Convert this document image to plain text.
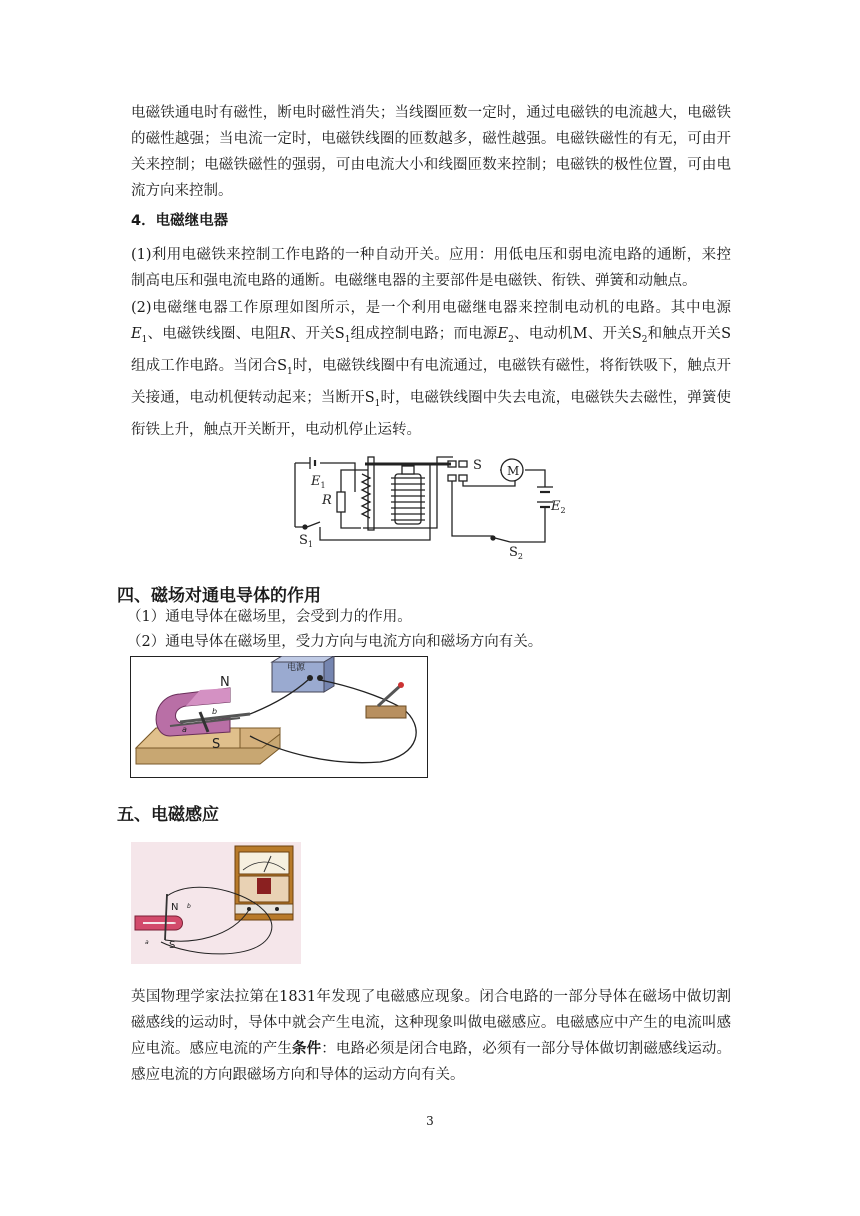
电磁铁通电时有磁性，断电时磁性消失；当线圈匝数一定时，通过电磁铁的电流越大，电磁铁的磁性越强；当电流一定时，电磁铁线圈的匝数越多，磁性越强。电磁铁磁性的有无，可由开关来控制；电磁铁磁性的强弱，可由电流大小和线圈匝数来控制；电磁铁的极性位置，可由电流方向来控制。

4．电磁继电器

(1)利用电磁铁来控制工作电路的一种自动开关。应用：用低电压和弱电流电路的通断，来控制高电压和强电流电路的通断。电磁继电器的主要部件是电磁铁、衔铁、弹簧和动触点。

(2)电磁继电器工作原理如图所示，是一个利用电磁继电器来控制电动机的电路。其中电源$E_1$、电磁铁线圈、电阻R、开关$S_1$组成控制电路；而电源$E_2$、电动机M、开关$S_2$和触点开关S组成工作电路。当闭合$S_1$时，电磁铁线圈中有电流通过，电磁铁有磁性，将衔铁吸下，触点开关接通，电动机便转动起来；当断开$S_1$时，电磁铁线圈中失去电流，电磁铁失去磁性，弹簧使衔铁上升，触点开关断开，电动机停止运转。

$E_1$
R
$S_1$
S M
$E_2$
$S_2$
四、磁场对通电导体的作用
（1）通电导体在磁场里，会受到力的作用。
（2）通电导体在磁场里，受力方向与电流方向和磁场方向有关。
N
S
b
a
电源
五、电磁感应
N
S
b
a

英国物理学家法拉第在1831年发现了电磁感应现象。闭合电路的一部分导体在磁场中做切割磁感线的运动时，导体中就会产生电流，这种现象叫做电磁感应。电磁感应中产生的电流叫感应电流。感应电流的产生条件：电路必须是闭合电路，必须有一部分导体做切割磁感线运动。感应电流的方向跟磁场方向和导体的运动方向有关。

3
